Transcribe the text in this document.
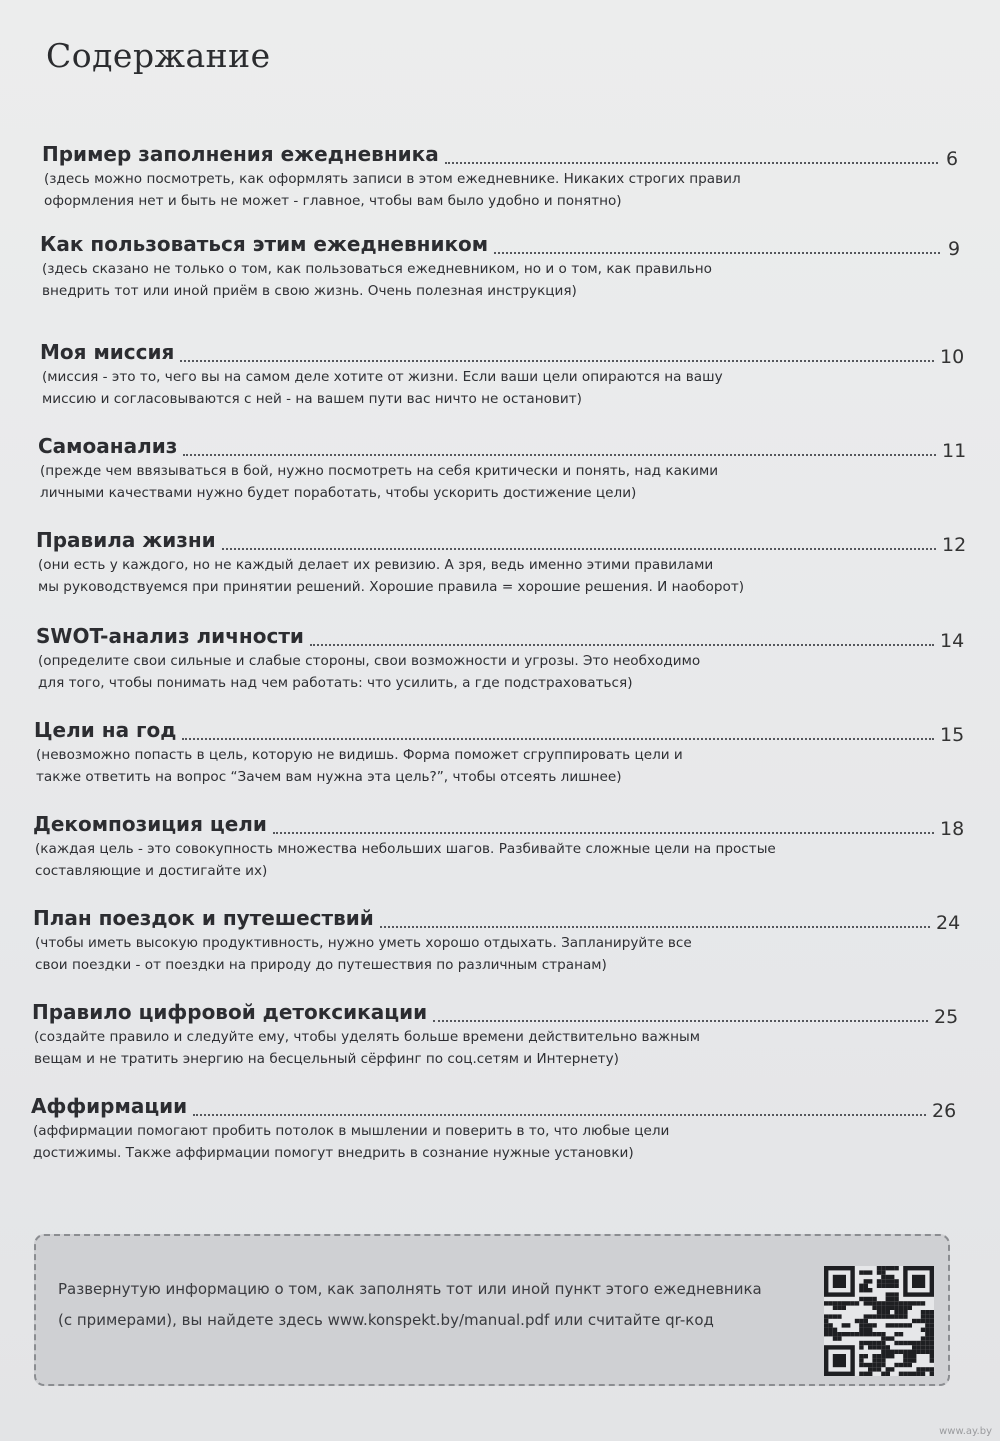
Содержание
Пример заполнения ежедневника	6
(здесь можно посмотреть, как оформлять записи в этом ежедневнике. Никаких строгих правил
оформления нет и быть не может - главное, чтобы вам было удобно и понятно)
Как пользоваться этим ежедневником	9
(здесь сказано не только о том, как пользоваться ежедневником, но и о том, как правильно
внедрить тот или иной приём в свою жизнь. Очень полезная инструкция)
Моя миссия	10
(миссия - это то, чего вы на самом деле хотите от жизни. Если ваши цели опираются на вашу
миссию и согласовываются с ней - на вашем пути вас ничто не остановит)
Самоанализ	11
(прежде чем ввязываться в бой, нужно посмотреть на себя критически и понять, над какими
личными качествами нужно будет поработать, чтобы ускорить достижение цели)
Правила жизни	12
(они есть у каждого, но не каждый делает их ревизию. А зря, ведь именно этими правилами
мы руководствуемся при принятии решений. Хорошие правила = хорошие решения. И наоборот)
SWOT-анализ личности	14
(определите свои сильные и слабые стороны, свои возможности и угрозы. Это необходимо
для того, чтобы понимать над чем работать: что усилить, а где подстраховаться)
Цели на год	15
(невозможно попасть в цель, которую не видишь. Форма поможет сгруппировать цели и
также ответить на вопрос “Зачем вам нужна эта цель?”, чтобы отсеять лишнее)
Декомпозиция цели	18
(каждая цель - это совокупность множества небольших шагов. Разбивайте сложные цели на простые
составляющие и достигайте их)
План поездок и путешествий	24
(чтобы иметь высокую продуктивность, нужно уметь хорошо отдыхать. Запланируйте все
свои поездки - от поездки на природу до путешествия по различным странам)
Правило цифровой детоксикации	25
(создайте правило и следуйте ему, чтобы уделять больше времени действительно важным
вещам и не тратить энергию на бесцельный сёрфинг по соц.сетям и Интернету)
Аффирмации	26
(аффирмации помогают пробить потолок в мышлении и поверить в то, что любые цели
достижимы. Также аффирмации помогут внедрить в сознание нужные установки)
Развернутую информацию о том, как заполнять тот или иной пункт этого ежедневника
(с примерами), вы найдете здесь www.konspekt.by/manual.pdf или считайте qr-код
www.ay.by
